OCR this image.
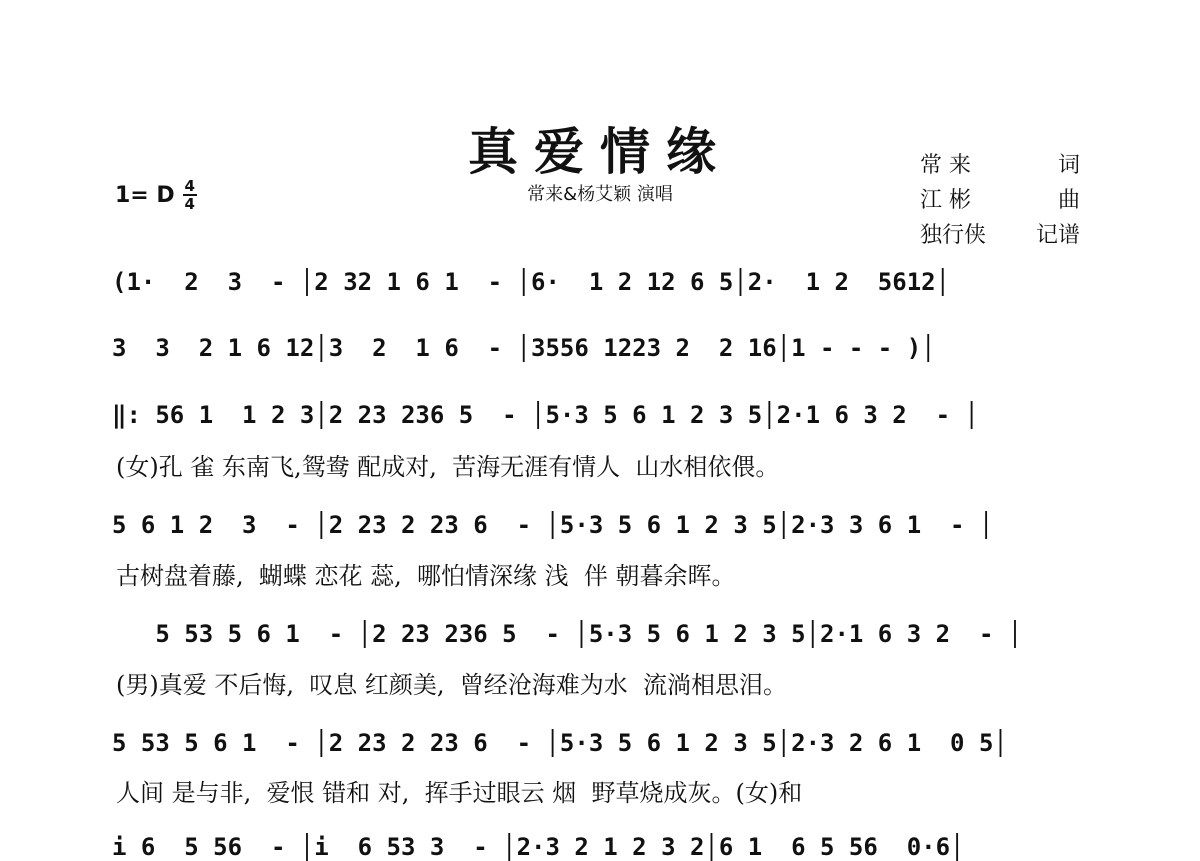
真爱情缘
常来&杨艾颖 演唱
常 来	词
江 彬	曲
独行侠 记谱
1= D 4
4
(1·  2  3  - │2 32 1 6 1  - │6·  1 2 12 6 5│2·  1 2  5612│
3  3  2 1 6 12│3  2  1 6  - │3556 1223 2  2 16│1 - - - )│
‖: 56 1  1 2 3│2 23 236 5  - │5·3 5 6 1 2 3 5│2·1 6 3 2  - │
(女)孔 雀 东南飞,鸳鸯 配成对,  苦海无涯有情人  山水相依偎。
5 6 1 2  3  - │2 23 2 23 6  - │5·3 5 6 1 2 3 5│2·3 3 6 1  - │
古树盘着藤,  蝴蝶 恋花 蕊,  哪怕情深缘 浅  伴 朝暮余晖。
5 53 5 6 1  - │2 23 236 5  - │5·3 5 6 1 2 3 5│2·1 6 3 2  - │
(男)真爱 不后悔,  叹息 红颜美,  曾经沧海难为水  流淌相思泪。
5 53 5 6 1  - │2 23 2 23 6  - │5·3 5 6 1 2 3 5│2·3 2 6 1  0 5│
人间 是与非,  爱恨 错和 对,  挥手过眼云 烟  野草烧成灰。(女)和
i 6  5 56  - │i  6 53 3  - │2·3 2 1 2 3 2│6 1  6 5 56  0·6│
